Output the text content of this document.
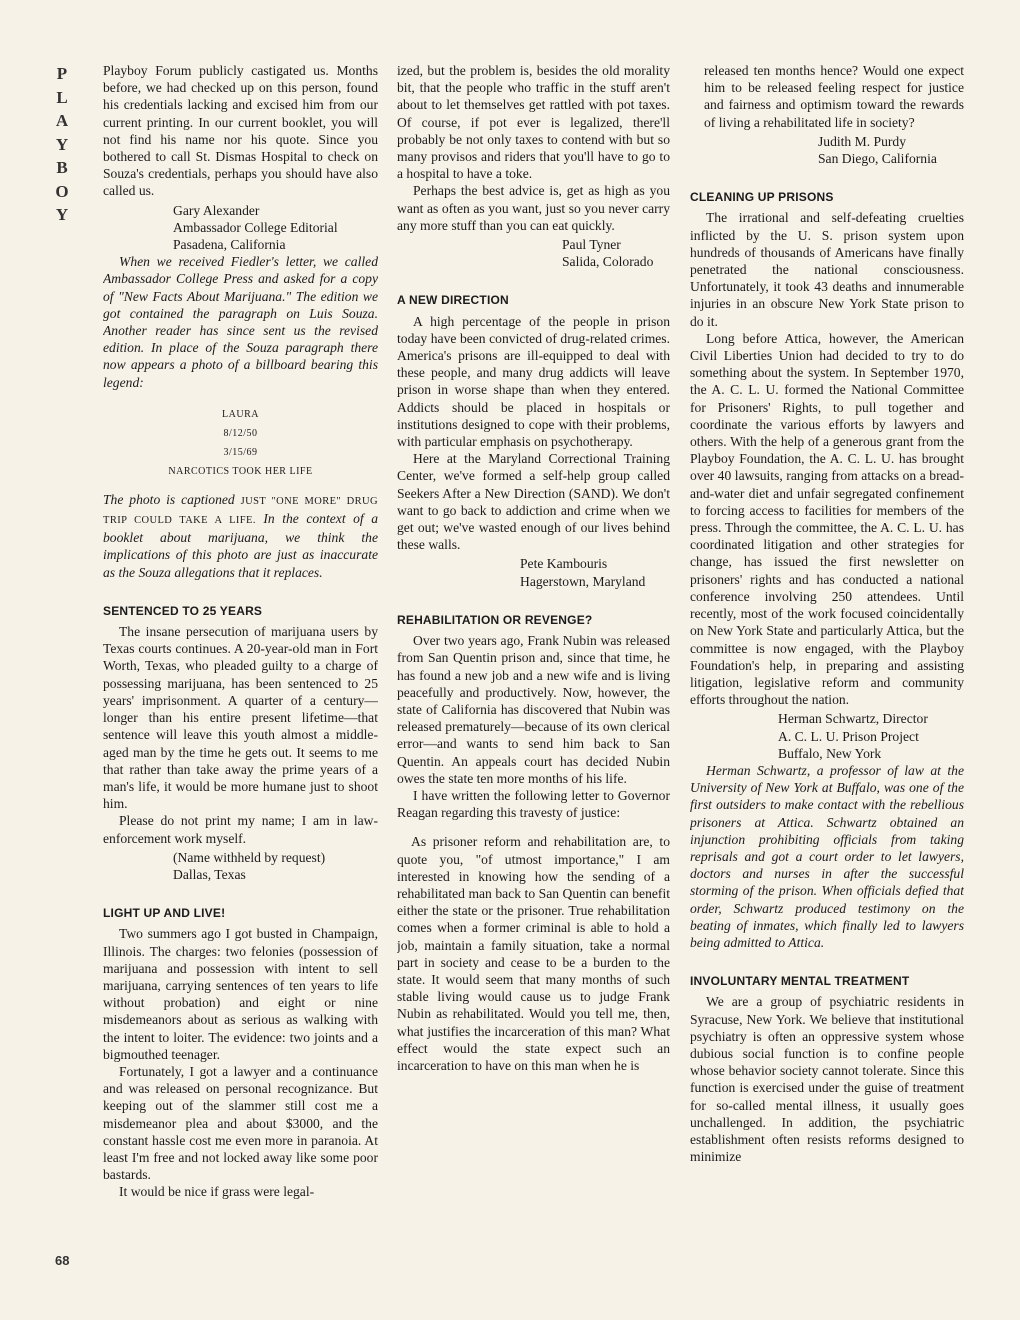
P
L
A
Y
B
O
Y
68

Playboy Forum publicly castigated us. Months before, we had checked up on this person, found his credentials lacking and excised him from our current printing. In our current booklet, you will not find his name nor his quote. Since you bothered to call St. Dismas Hospital to check on Souza's credentials, perhaps you should have also called us.

Gary Alexander
Ambassador College Editorial
Pasadena, California

When we received Fiedler's letter, we called Ambassador College Press and asked for a copy of "New Facts About Marijuana." The edition we got contained the paragraph on Luis Souza. Another reader has since sent us the revised edition. In place of the Souza paragraph there now appears a photo of a billboard bearing this legend:

LAURA
8/12/50
3/15/69
NARCOTICS TOOK HER LIFE

The photo is captioned JUST "ONE MORE" DRUG TRIP COULD TAKE A LIFE. In the context of a booklet about marijuana, we think the implications of this photo are just as inaccurate as the Souza allegations that it replaces.

SENTENCED TO 25 YEARS

The insane persecution of marijuana users by Texas courts continues. A 20-year-old man in Fort Worth, Texas, who pleaded guilty to a charge of possessing marijuana, has been sentenced to 25 years' imprisonment. A quarter of a century—longer than his entire present lifetime—that sentence will leave this youth almost a middle-aged man by the time he gets out. It seems to me that rather than take away the prime years of a man's life, it would be more humane just to shoot him.

Please do not print my name; I am in law-enforcement work myself.

(Name withheld by request)
Dallas, Texas
LIGHT UP AND LIVE!

Two summers ago I got busted in Champaign, Illinois. The charges: two felonies (possession of marijuana and possession with intent to sell marijuana, carrying sentences of ten years to life without probation) and eight or nine misdemeanors about as serious as walking with the intent to loiter. The evidence: two joints and a bigmouthed teenager.

Fortunately, I got a lawyer and a continuance and was released on personal recognizance. But keeping out of the slammer still cost me a misdemeanor plea and about $3000, and the constant hassle cost me even more in paranoia. At least I'm free and not locked away like some poor bastards.

It would be nice if grass were legal-

ized, but the problem is, besides the old morality bit, that the people who traffic in the stuff aren't about to let themselves get rattled with pot taxes. Of course, if pot ever is legalized, there'll probably be not only taxes to contend with but so many provisos and riders that you'll have to go to a hospital to have a toke.

Perhaps the best advice is, get as high as you want as often as you want, just so you never carry any more stuff than you can eat quickly.

Paul Tyner
Salida, Colorado
A NEW DIRECTION

A high percentage of the people in prison today have been convicted of drug-related crimes. America's prisons are ill-equipped to deal with these people, and many drug addicts will leave prison in worse shape than when they entered. Addicts should be placed in hospitals or institutions designed to cope with their problems, with particular emphasis on psychotherapy.

Here at the Maryland Correctional Training Center, we've formed a self-help group called Seekers After a New Direction (SAND). We don't want to go back to addiction and crime when we get out; we've wasted enough of our lives behind these walls.

Pete Kambouris
Hagerstown, Maryland
REHABILITATION OR REVENGE?

Over two years ago, Frank Nubin was released from San Quentin prison and, since that time, he has found a new job and a new wife and is living peacefully and productively. Now, however, the state of California has discovered that Nubin was released prematurely—because of its own clerical error—and wants to send him back to San Quentin. An appeals court has decided Nubin owes the state ten more months of his life.

I have written the following letter to Governor Reagan regarding this travesty of justice:

As prisoner reform and rehabilitation are, to quote you, "of utmost importance," I am interested in knowing how the sending of a rehabilitated man back to San Quentin can benefit either the state or the prisoner. True rehabilitation comes when a former criminal is able to hold a job, maintain a family situation, take a normal part in society and cease to be a burden to the state. It would seem that many months of such stable living would cause us to judge Frank Nubin as rehabilitated. Would you tell me, then, what justifies the incarceration of this man? What effect would the state expect such an incarceration to have on this man when he is

released ten months hence? Would one expect him to be released feeling respect for justice and fairness and optimism toward the rewards of living a rehabilitated life in society?

Judith M. Purdy
San Diego, California
CLEANING UP PRISONS

The irrational and self-defeating cruelties inflicted by the U. S. prison system upon hundreds of thousands of Americans have finally penetrated the national consciousness. Unfortunately, it took 43 deaths and innumerable injuries in an obscure New York State prison to do it.

Long before Attica, however, the American Civil Liberties Union had decided to try to do something about the system. In September 1970, the A. C. L. U. formed the National Committee for Prisoners' Rights, to pull together and coordinate the various efforts by lawyers and others. With the help of a generous grant from the Playboy Foundation, the A. C. L. U. has brought over 40 lawsuits, ranging from attacks on a bread-and-water diet and unfair segregated confinement to forcing access to facilities for members of the press. Through the committee, the A. C. L. U. has coordinated litigation and other strategies for change, has issued the first newsletter on prisoners' rights and has conducted a national conference involving 250 attendees. Until recently, most of the work focused coincidentally on New York State and particularly Attica, but the committee is now engaged, with the Playboy Foundation's help, in preparing and assisting litigation, legislative reform and community efforts throughout the nation.

Herman Schwartz, Director
A. C. L. U. Prison Project
Buffalo, New York

Herman Schwartz, a professor of law at the University of New York at Buffalo, was one of the first outsiders to make contact with the rebellious prisoners at Attica. Schwartz obtained an injunction prohibiting officials from taking reprisals and got a court order to let lawyers, doctors and nurses in after the successful storming of the prison. When officials defied that order, Schwartz produced testimony on the beating of inmates, which finally led to lawyers being admitted to Attica.

INVOLUNTARY MENTAL TREATMENT

We are a group of psychiatric residents in Syracuse, New York. We believe that institutional psychiatry is often an oppressive system whose dubious social function is to confine people whose behavior society cannot tolerate. Since this function is exercised under the guise of treatment for so-called mental illness, it usually goes unchallenged. In addition, the psychiatric establishment often resists reforms designed to minimize
